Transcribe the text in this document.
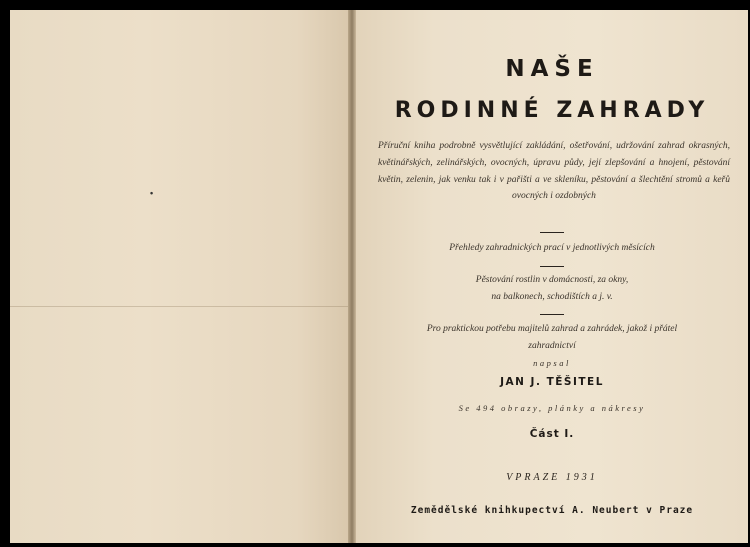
•
NAŠE
RODINNÉ ZAHRADY
Příruční kniha podrobně vysvětlující zakládání, ošetřování, udržování zahrad okrasných, květinářských, zelinářských, ovocných, úpravu půdy, její zlepšování a hnojení, pěstování květin, zelenin, jak venku tak i v pařišti a ve skleníku, pěstování a šlechtění stromů a keřů ovocných i ozdobných
Přehledy zahradnických prací v jednotlivých měsících
Pěstování rostlin v domácnosti, za okny,
na balkonech, schodištích a j. v.
Pro praktickou potřebu majitelů zahrad a zahrádek, jakož i přátel
zahradnictví
napsal
JAN J. TĚŠITEL
Se 494 obrazy, plánky a nákresy
Část I.
VPRAZE 1931
Zemědělské knihkupectví A. Neubert v Praze
